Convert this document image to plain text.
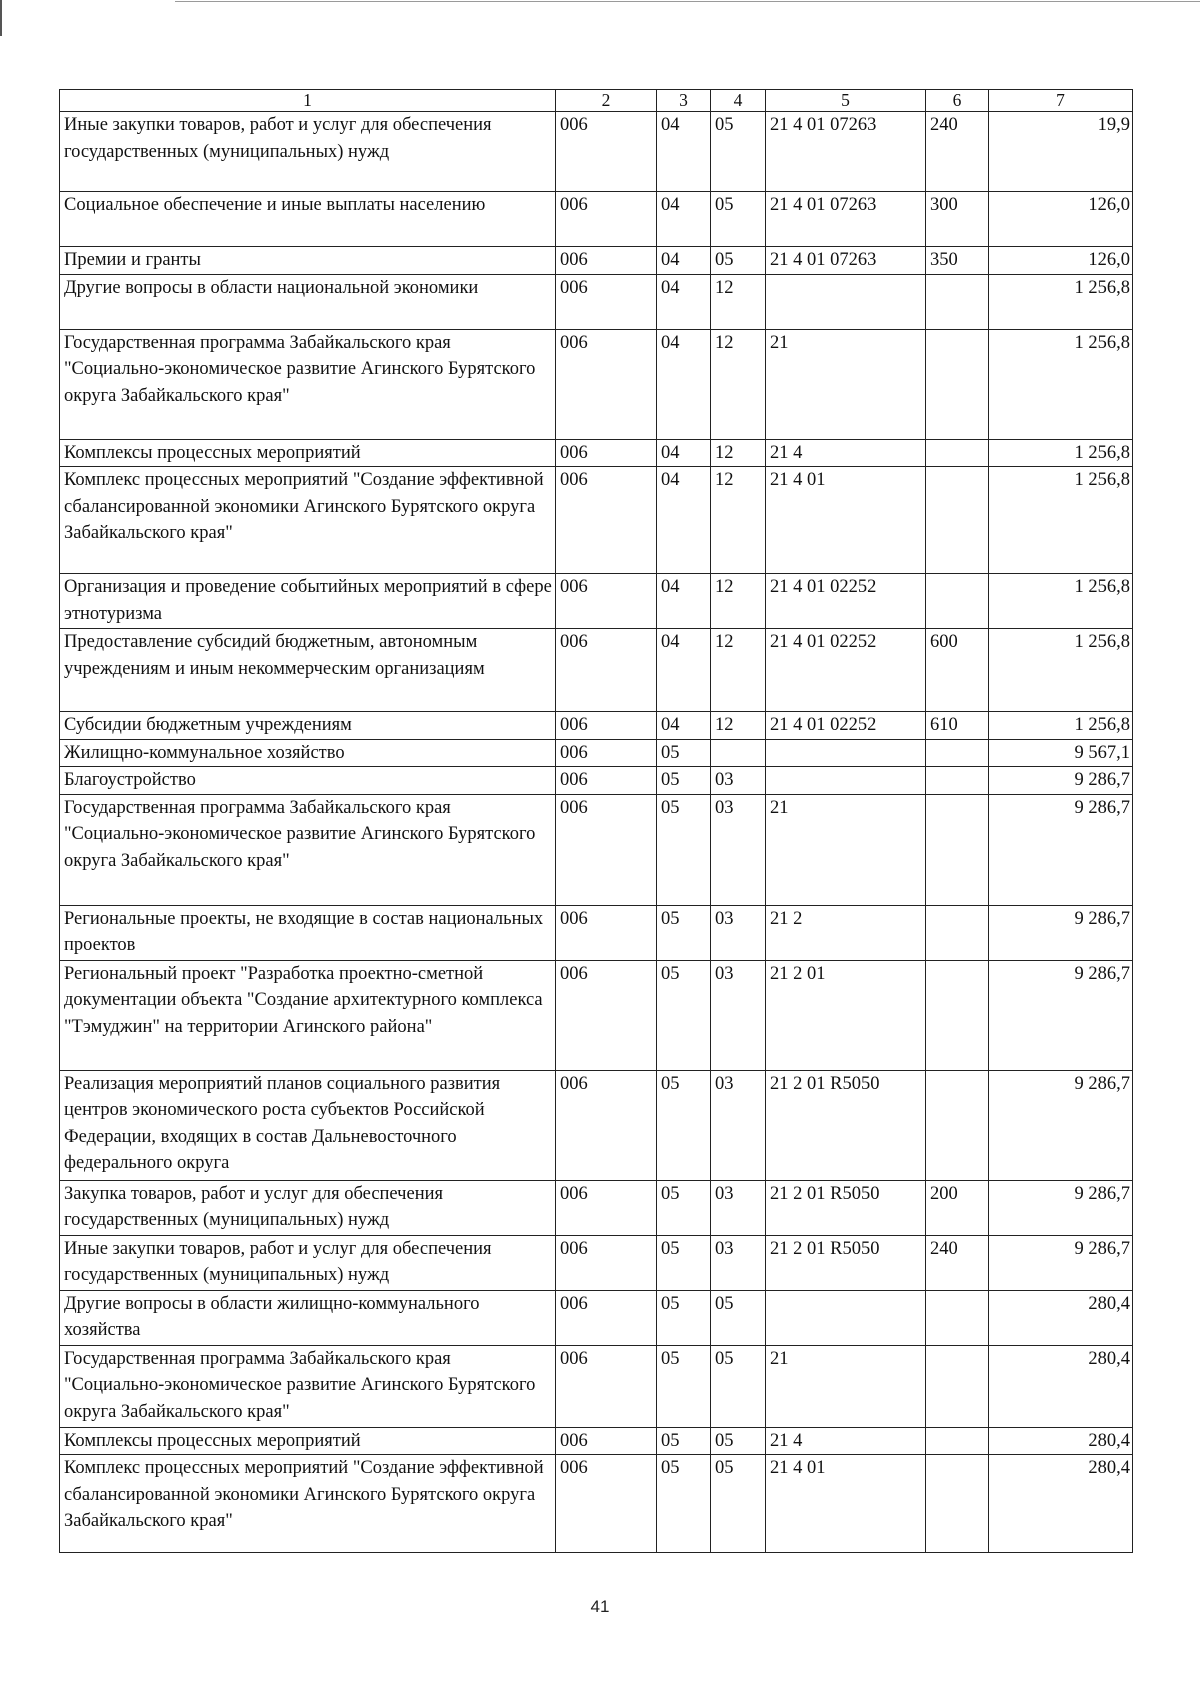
1	2	3	4	5	6	7
Иные закупки товаров, работ и услуг для обеспечения государственных (муниципальных) нужд	006	04	05	21 4 01 07263	240	19,9
Социальное обеспечение и иные выплаты населению	006	04	05	21 4 01 07263	300	126,0
Премии и гранты	006	04	05	21 4 01 07263	350	126,0
Другие вопросы в области национальной экономики	006	04	12			1 256,8
Государственная программа Забайкальского края "Социально-экономическое развитие Агинского Бурятского округа Забайкальского края"	006	04	12	21		1 256,8
Комплексы процессных мероприятий	006	04	12	21 4		1 256,8
Комплекс процессных мероприятий "Создание эффективной сбалансированной экономики Агинского Бурятского округа Забайкальского края"	006	04	12	21 4 01		1 256,8
Организация и проведение событийных мероприятий в сфере этнотуризма	006	04	12	21 4 01 02252		1 256,8
Предоставление субсидий бюджетным, автономным учреждениям и иным некоммерческим организациям	006	04	12	21 4 01 02252	600	1 256,8
Субсидии бюджетным учреждениям	006	04	12	21 4 01 02252	610	1 256,8
Жилищно-коммунальное хозяйство	006	05				9 567,1
Благоустройство	006	05	03			9 286,7
Государственная программа Забайкальского края "Социально-экономическое развитие Агинского Бурятского округа Забайкальского края"	006	05	03	21		9 286,7
Региональные проекты, не входящие в состав национальных проектов	006	05	03	21 2		9 286,7
Региональный проект "Разработка проектно-сметной документации объекта "Создание архитектурного комплекса "Тэмуджин" на территории Агинского района"	006	05	03	21 2 01		9 286,7
Реализация мероприятий планов социального развития центров экономического роста субъектов Российской Федерации, входящих в состав Дальневосточного федерального округа	006	05	03	21 2 01 R5050		9 286,7
Закупка товаров, работ и услуг для обеспечения государственных (муниципальных) нужд	006	05	03	21 2 01 R5050	200	9 286,7
Иные закупки товаров, работ и услуг для обеспечения государственных (муниципальных) нужд	006	05	03	21 2 01 R5050	240	9 286,7
Другие вопросы в области жилищно-коммунального хозяйства	006	05	05			280,4
Государственная программа Забайкальского края "Социально-экономическое развитие Агинского Бурятского округа Забайкальского края"	006	05	05	21		280,4
Комплексы процессных мероприятий	006	05	05	21 4		280,4
Комплекс процессных мероприятий "Создание эффективной сбалансированной экономики Агинского Бурятского округа Забайкальского края"	006	05	05	21 4 01		280,4
41
